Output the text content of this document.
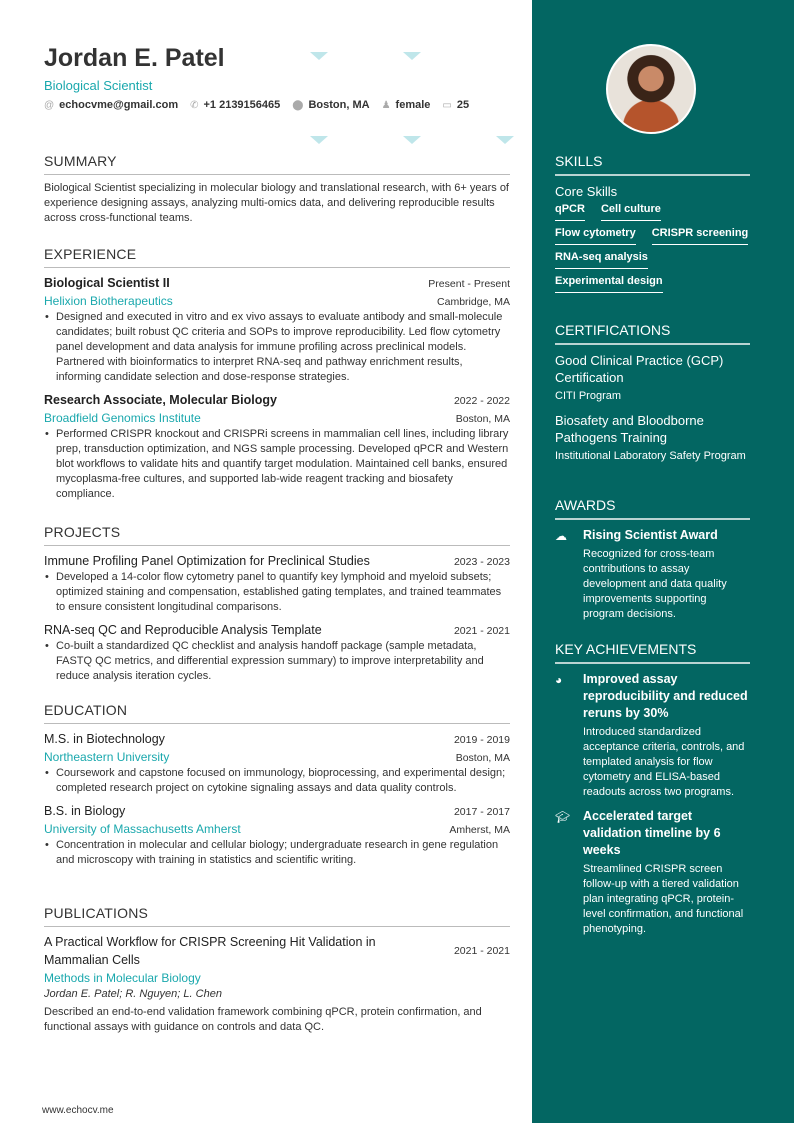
Jordan E. Patel
Biological Scientist
@ echocvme@gmail.com ✆ +1 2139156465 ⬤ Boston, MA ♟ female ▭ 25
SUMMARY
Biological Scientist specializing in molecular biology and translational research, with 6+ years of experience designing assays, analyzing multi-omics data, and delivering reproducible results across cross-functional teams.
EXPERIENCE
Biological Scientist II	Present - Present
Helixion Biotherapeutics	Cambridge, MA
• Designed and executed in vitro and ex vivo assays to evaluate antibody and small-molecule candidates; built robust QC criteria and SOPs to improve reproducibility. Led flow cytometry panel development and data analysis for immune profiling across preclinical models. Partnered with bioinformatics to interpret RNA-seq and pathway enrichment results, informing candidate selection and dose-response strategies.
Research Associate, Molecular Biology	2022 - 2022
Broadfield Genomics Institute	Boston, MA
• Performed CRISPR knockout and CRISPRi screens in mammalian cell lines, including library prep, transduction optimization, and NGS sample processing. Developed qPCR and Western blot workflows to validate hits and quantify target modulation. Maintained cell banks, ensured mycoplasma-free cultures, and supported lab-wide reagent tracking and biosafety compliance.
PROJECTS
Immune Profiling Panel Optimization for Preclinical Studies	2023 - 2023
• Developed a 14-color flow cytometry panel to quantify key lymphoid and myeloid subsets; optimized staining and compensation, established gating templates, and trained teammates to ensure consistent longitudinal comparisons.
RNA-seq QC and Reproducible Analysis Template	2021 - 2021
• Co-built a standardized QC checklist and analysis handoff package (sample metadata, FASTQ QC metrics, and differential expression summary) to improve interpretability and reduce analysis iteration cycles.
EDUCATION
M.S. in Biotechnology	2019 - 2019
Northeastern University	Boston, MA
• Coursework and capstone focused on immunology, bioprocessing, and experimental design; completed research project on cytokine signaling assays and data quality controls.
B.S. in Biology	2017 - 2017
University of Massachusetts Amherst	Amherst, MA
• Concentration in molecular and cellular biology; undergraduate research in gene regulation and microscopy with training in statistics and scientific writing.
PUBLICATIONS
A Practical Workflow for CRISPR Screening Hit Validation in Mammalian Cells
2021 - 2021
Methods in Molecular Biology
Jordan E. Patel; R. Nguyen; L. Chen
Described an end-to-end validation framework combining qPCR, protein confirmation, and functional assays with guidance on controls and data QC.
www.echocv.me
SKILLS
Core Skills
qPCR Cell culture
Flow cytometry CRISPR screening
RNA-seq analysis
Experimental design
CERTIFICATIONS
Good Clinical Practice (GCP) Certification
CITI Program
Biosafety and Bloodborne Pathogens Training
Institutional Laboratory Safety Program
AWARDS
☁ Rising Scientist Award
Recognized for cross-team contributions to assay development and data quality improvements supporting program decisions.
KEY ACHIEVEMENTS
◕	Improved assay reproducibility and reduced reruns by 30%
Introduced standardized acceptance criteria, controls, and templated analysis for flow cytometry and ELISA-based readouts across two programs.
🎓︎ Accelerated target validation timeline by 6 weeks
Streamlined CRISPR screen follow-up with a tiered validation plan integrating qPCR, protein-level confirmation, and functional phenotyping.
